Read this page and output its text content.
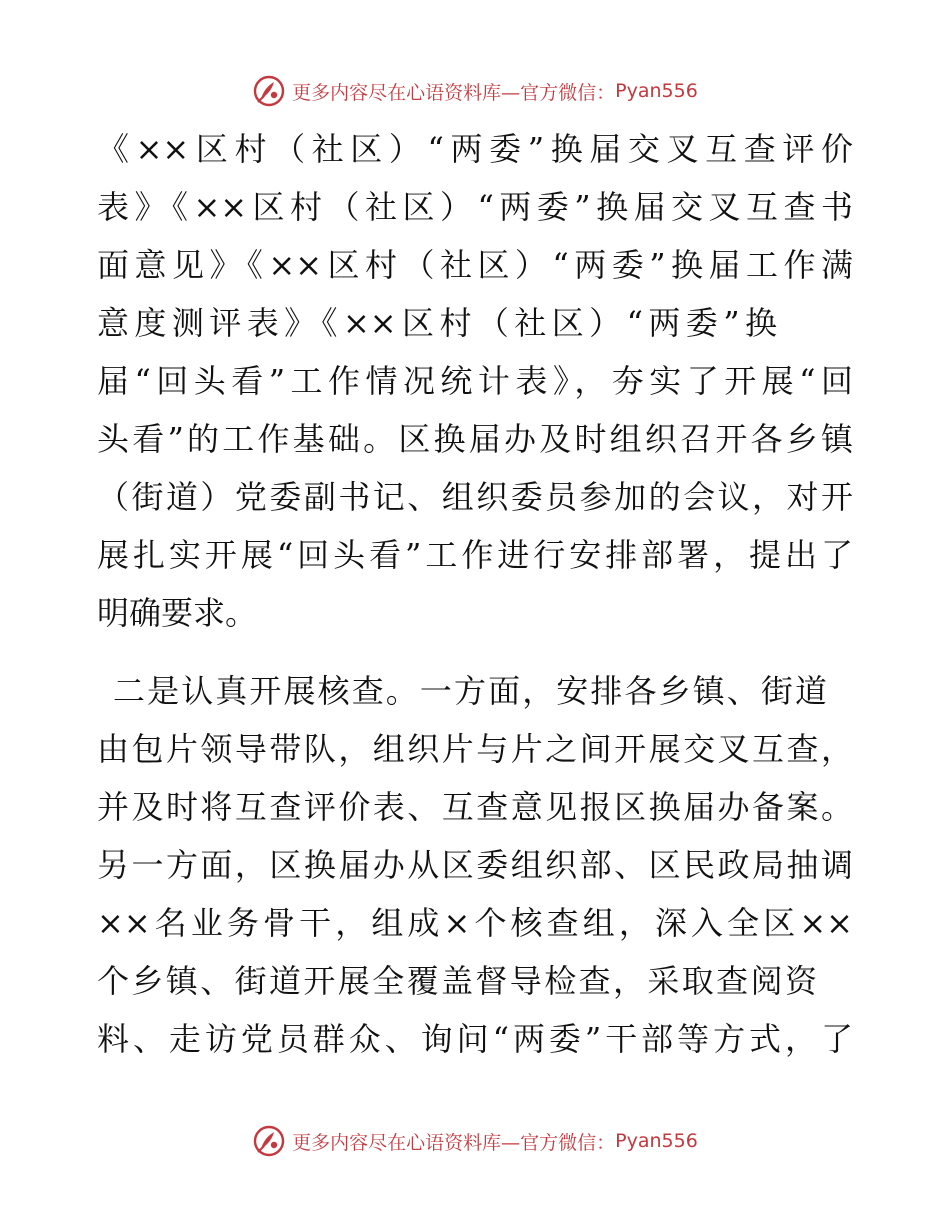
更多内容尽在心语资料库—官方微信： Pyan556
《××区村（社区）“两委”换届交叉互查评价
表》《××区村（社区）“两委”换届交叉互查书
面意见》《××区村（社区）“两委”换届工作满
意度测评表》《××区村（社区）“两委”换
届“回头看”工作情况统计表》，夯实了开展“回
头看”的工作基础。区换届办及时组织召开各乡镇
（街道）党委副书记、组织委员参加的会议，对开
展扎实开展“回头看”工作进行安排部署，提出了
明确要求。
二是认真开展核查。一方面，安排各乡镇、街道
由包片领导带队，组织片与片之间开展交叉互查，
并及时将互查评价表、互查意见报区换届办备案。
另一方面，区换届办从区委组织部、区民政局抽调
××名业务骨干，组成×个核查组，深入全区××
个乡镇、街道开展全覆盖督导检查，采取查阅资
料、走访党员群众、询问“两委”干部等方式，了
更多内容尽在心语资料库—官方微信： Pyan556
